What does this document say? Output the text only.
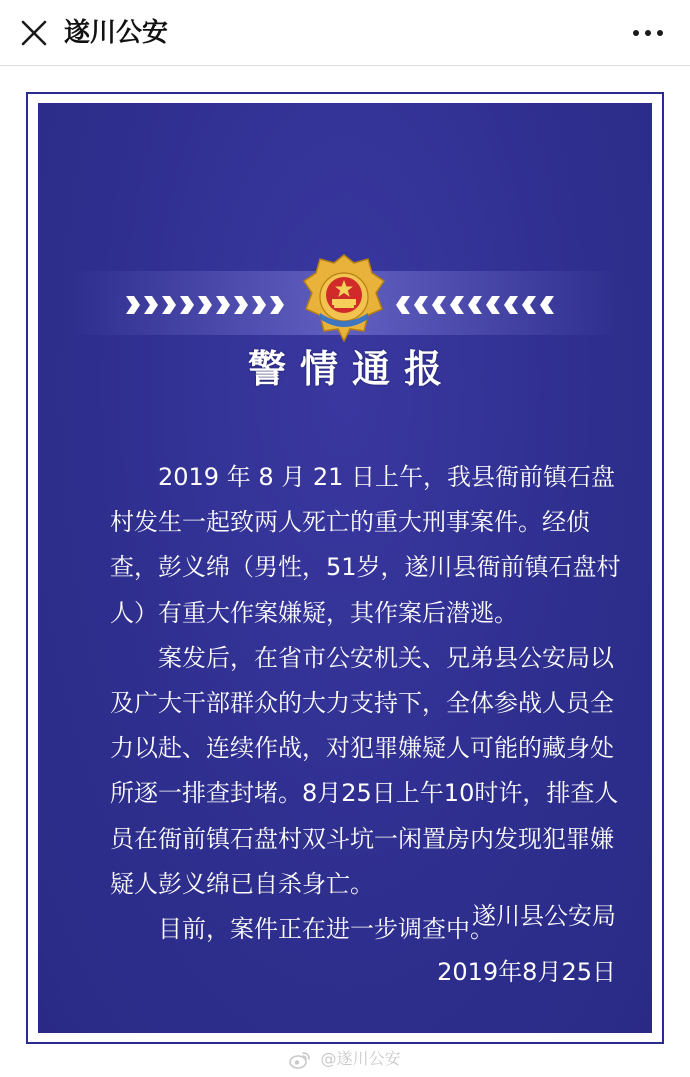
遂川公安
警情通报

2019 年 8 月 21 日上午，我县衙前镇石盘村发生一起致两人死亡的重大刑事案件。经侦查，彭义绵（男性，51岁，遂川县衙前镇石盘村人）有重大作案嫌疑，其作案后潜逃。

案发后，在省市公安机关、兄弟县公安局以及广大干部群众的大力支持下，全体参战人员全力以赴、连续作战，对犯罪嫌疑人可能的藏身处所逐一排查封堵。8月25日上午10时许，排查人员在衙前镇石盘村双斗坑一闲置房内发现犯罪嫌疑人彭义绵已自杀身亡。

目前，案件正在进一步调查中。

遂川县公安局
2019年8月25日
@遂川公安
